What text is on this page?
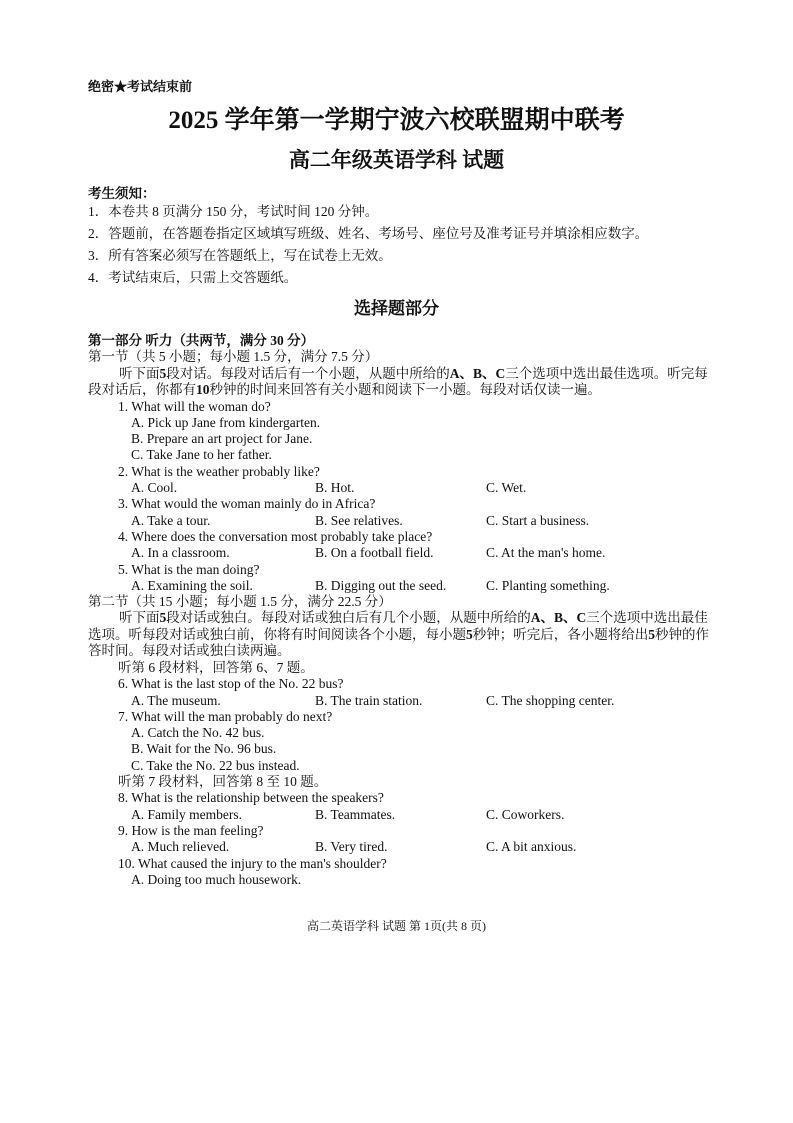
绝密★考试结束前
2025 学年第一学期宁波六校联盟期中联考
高二年级英语学科 试题
考生须知：
1．本卷共 8 页满分 150 分，考试时间 120 分钟。
2．答题前，在答题卷指定区域填写班级、姓名、考场号、座位号及准考证号并填涂相应数字。
3．所有答案必须写在答题纸上，写在试卷上无效。
4．考试结束后，只需上交答题纸。
选择题部分
第一部分 听力（共两节，满分 30 分）
第一节（共 5 小题；每小题 1.5 分，满分 7.5 分）
听下面5段对话。每段对话后有一个小题，从题中所给的A、B、C三个选项中选出最佳选项。听完每段对话后，你都有10秒钟的时间来回答有关小题和阅读下一小题。每段对话仅读一遍。
1. What will the woman do?
A. Pick up Jane from kindergarten.
B. Prepare an art project for Jane.
C. Take Jane to her father.
2. What is the weather probably like?
A. Cool.	B. Hot.	C. Wet.
3. What would the woman mainly do in Africa?
A. Take a tour.	B. See relatives.	C. Start a business.
4. Where does the conversation most probably take place?
A. In a classroom.	B. On a football field.	C. At the man's home.
5. What is the man doing?
A. Examining the soil.	B. Digging out the seed.	C. Planting something.
第二节（共 15 小题；每小题 1.5 分，满分 22.5 分）
听下面5段对话或独白。每段对话或独白后有几个小题，从题中所给的A、B、C三个选项中选出最佳选项。听每段对话或独白前，你将有时间阅读各个小题，每小题5秒钟；听完后，各小题将给出5秒钟的作答时间。每段对话或独白读两遍。
听第 6 段材料，回答第 6、7 题。
6. What is the last stop of the No. 22 bus?
A. The museum.	B. The train station.	C. The shopping center.
7. What will the man probably do next?
A. Catch the No. 42 bus.
B. Wait for the No. 96 bus.
C. Take the No. 22 bus instead.
听第 7 段材料，回答第 8 至 10 题。
8. What is the relationship between the speakers?
A. Family members.	B. Teammates.	C. Coworkers.
9. How is the man feeling?
A. Much relieved.	B. Very tired.	C. A bit anxious.
10. What caused the injury to the man's shoulder?
A. Doing too much housework.
高二英语学科 试题 第 1页(共 8 页)
